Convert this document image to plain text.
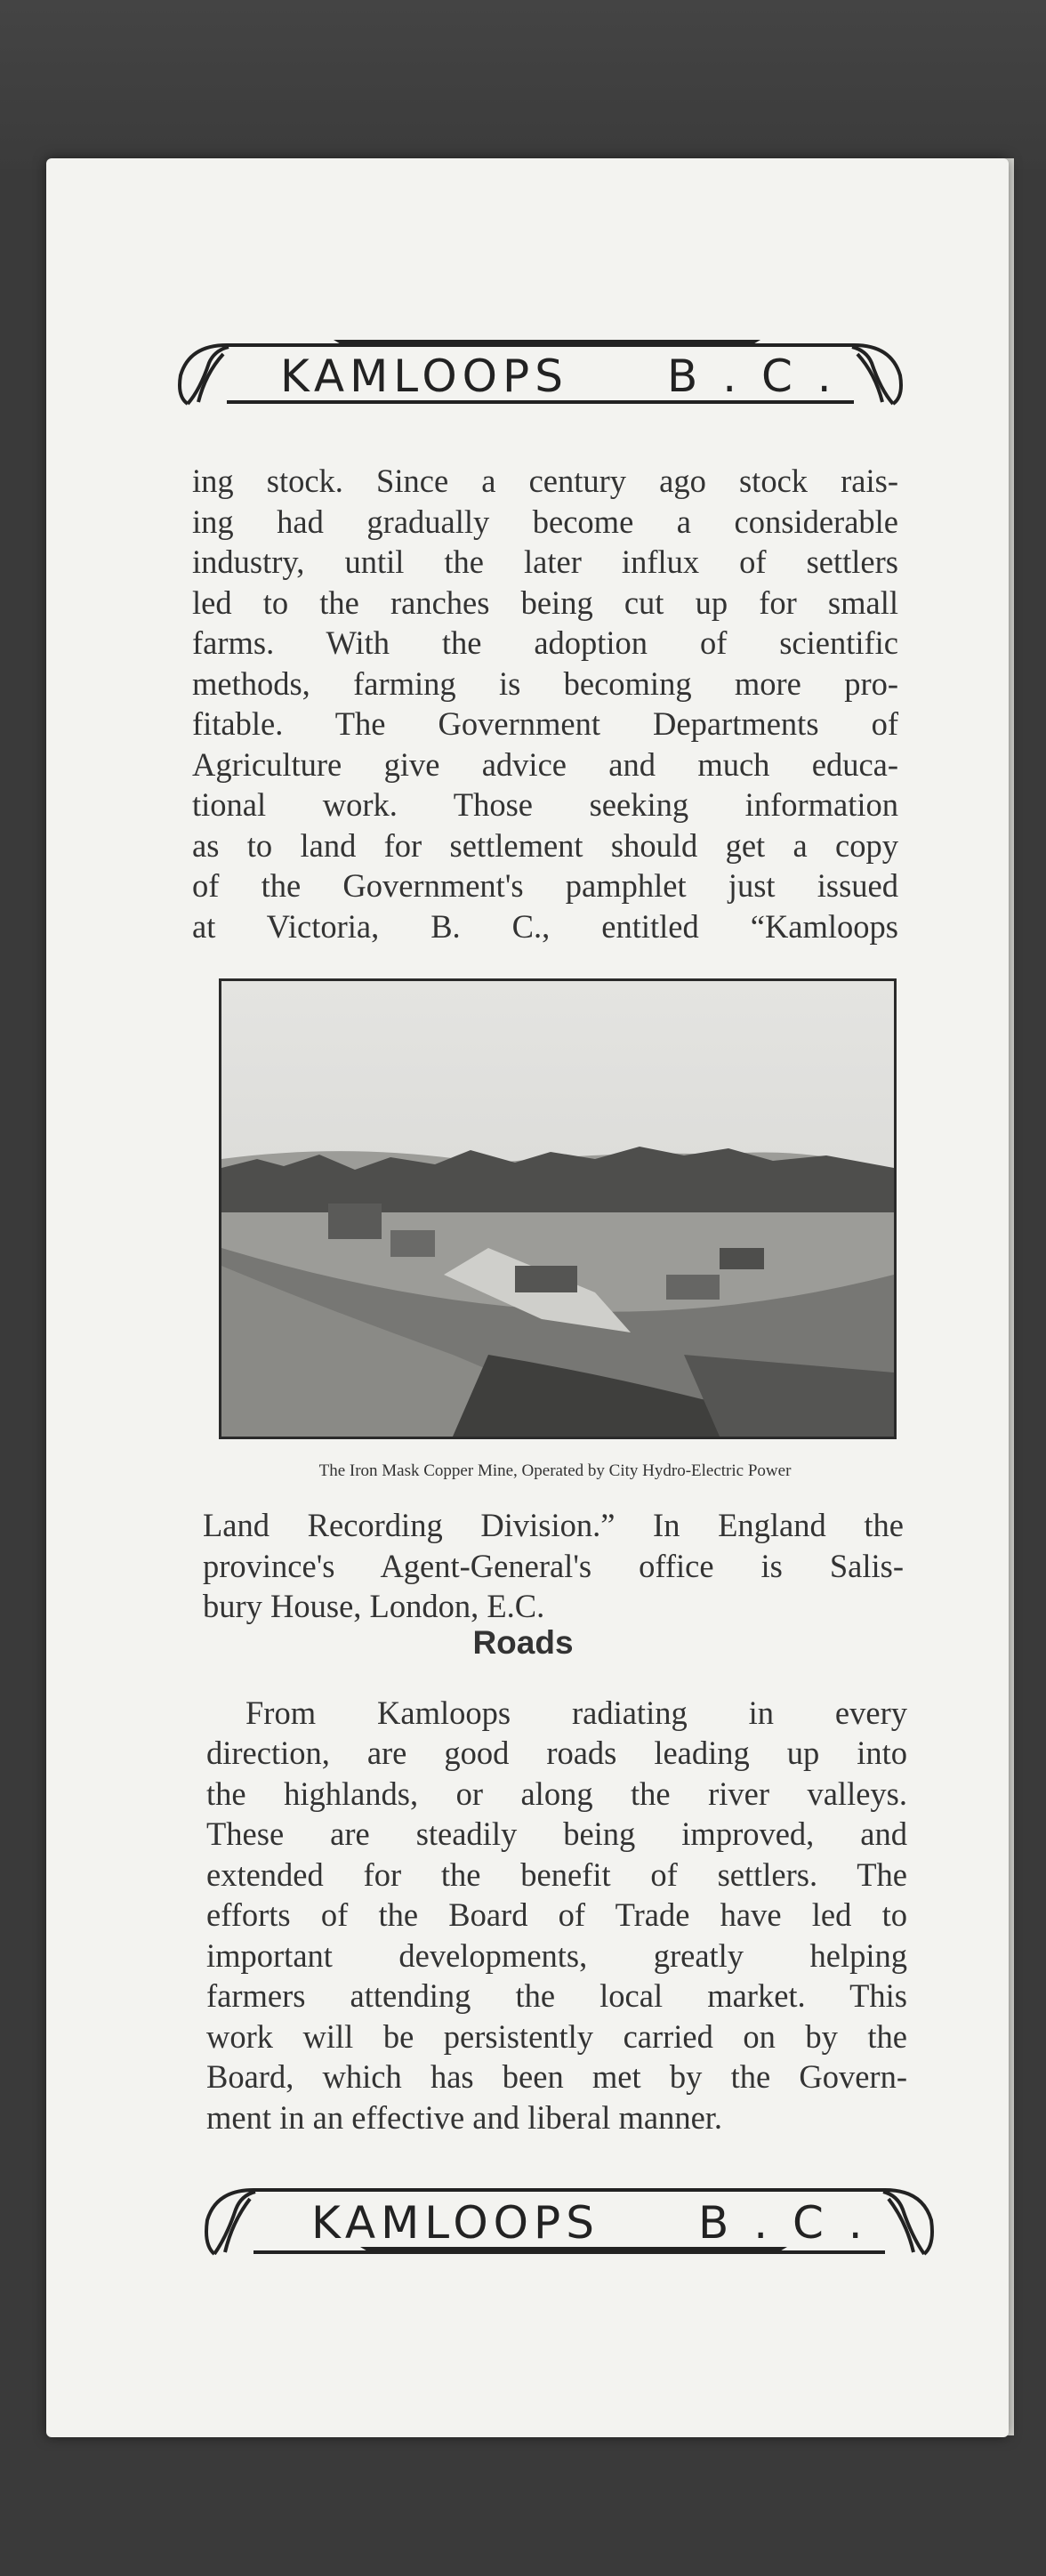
KAMLOOPS B . C .
ing stock. Since a century ago stock rais-
ing had gradually become a considerable
industry, until the later influx of settlers
led to the ranches being cut up for small
farms. With the adoption of scientific
methods, farming is becoming more pro-
fitable. The Government Departments of
Agriculture give advice and much educa-
tional work. Those seeking information
as to land for settlement should get a copy
of the Government's pamphlet just issued
at Victoria, B. C., entitled “Kamloops
The Iron Mask Copper Mine, Operated by City Hydro-Electric Power
Land Recording Division.” In England the
province's Agent-General's office is Salis-
bury House, London, E.C.
Roads
From Kamloops radiating in every
direction, are good roads leading up into
the highlands, or along the river valleys.
These are steadily being improved, and
extended for the benefit of settlers. The
efforts of the Board of Trade have led to
important developments, greatly helping
farmers attending the local market. This
work will be persistently carried on by the
Board, which has been met by the Govern-
ment in an effective and liberal manner.
KAMLOOPS B . C .
